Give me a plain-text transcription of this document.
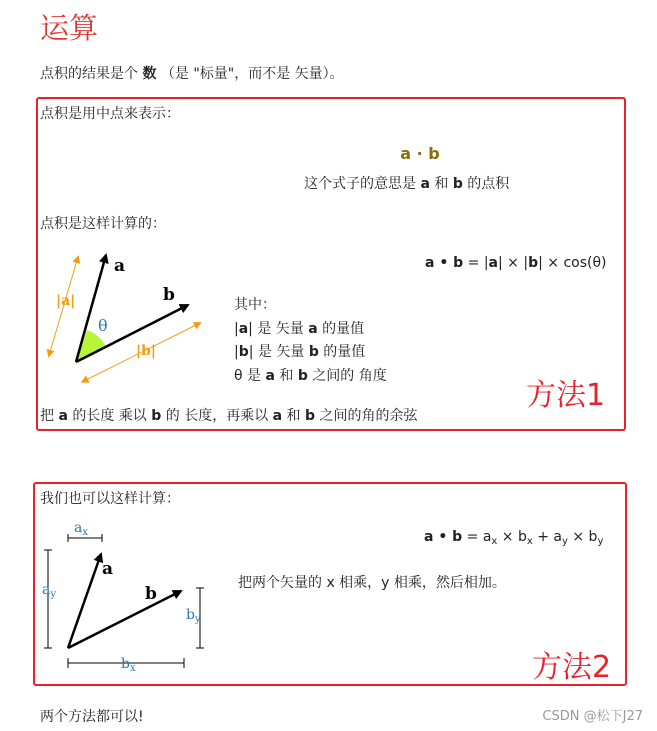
运算
点积的结果是个 数 （是 "标量"，而不是 矢量）。
点积是用中点来表示：
a · b
这个式子的意思是 a 和 b 的点积
点积是这样计算的：
a
b
θ
|a|
|b|
a • b = |a| × |b| × cos(θ)
其中：
|a| 是 矢量 a 的量值
|b| 是 矢量 b 的量值
θ 是 a 和 b 之间的 角度
方法1
把 a 的长度 乘以 b 的 长度，再乘以 a 和 b 之间的角的余弦
我们也可以这样计算：
a
b
$a_x$
$a_y$
$b_y$
$b_x$
a • $b = a_x \times b_x + a_y \times b_y$
把两个矢量的 x 相乘，y 相乘，然后相加。
方法2
两个方法都可以!	CSDN @松下J27
